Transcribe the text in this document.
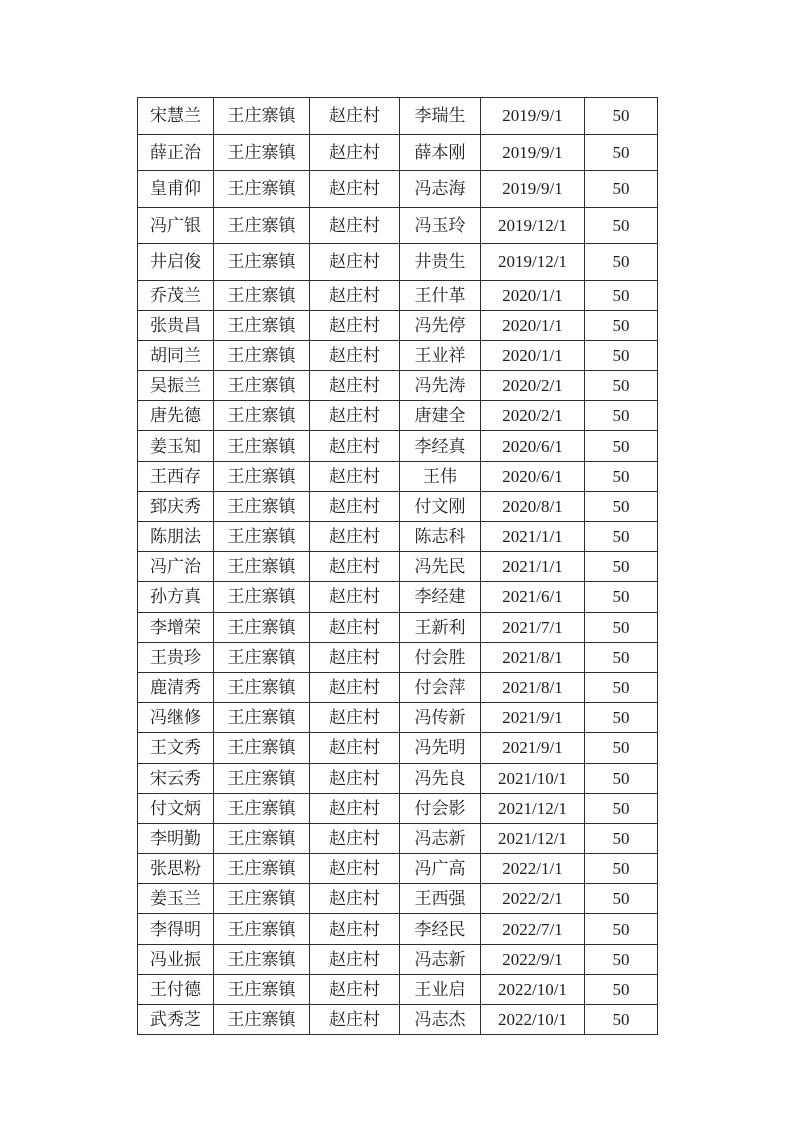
宋慧兰	王庄寨镇	赵庄村	李瑞生	2019/9/1	50
薛正治	王庄寨镇	赵庄村	薛本刚	2019/9/1	50
皇甫仰	王庄寨镇	赵庄村	冯志海	2019/9/1	50
冯广银	王庄寨镇	赵庄村	冯玉玲	2019/12/1	50
井启俊	王庄寨镇	赵庄村	井贵生	2019/12/1	50
乔茂兰	王庄寨镇	赵庄村	王什革	2020/1/1	50
张贵昌	王庄寨镇	赵庄村	冯先停	2020/1/1	50
胡同兰	王庄寨镇	赵庄村	王业祥	2020/1/1	50
吴振兰	王庄寨镇	赵庄村	冯先涛	2020/2/1	50
唐先德	王庄寨镇	赵庄村	唐建全	2020/2/1	50
姜玉知	王庄寨镇	赵庄村	李经真	2020/6/1	50
王西存	王庄寨镇	赵庄村	王伟	2020/6/1	50
郅庆秀	王庄寨镇	赵庄村	付文刚	2020/8/1	50
陈朋法	王庄寨镇	赵庄村	陈志科	2021/1/1	50
冯广治	王庄寨镇	赵庄村	冯先民	2021/1/1	50
孙方真	王庄寨镇	赵庄村	李经建	2021/6/1	50
李增荣	王庄寨镇	赵庄村	王新利	2021/7/1	50
王贵珍	王庄寨镇	赵庄村	付会胜	2021/8/1	50
鹿清秀	王庄寨镇	赵庄村	付会萍	2021/8/1	50
冯继修	王庄寨镇	赵庄村	冯传新	2021/9/1	50
王文秀	王庄寨镇	赵庄村	冯先明	2021/9/1	50
宋云秀	王庄寨镇	赵庄村	冯先良	2021/10/1	50
付文炳	王庄寨镇	赵庄村	付会影	2021/12/1	50
李明勤	王庄寨镇	赵庄村	冯志新	2021/12/1	50
张思粉	王庄寨镇	赵庄村	冯广高	2022/1/1	50
姜玉兰	王庄寨镇	赵庄村	王西强	2022/2/1	50
李得明	王庄寨镇	赵庄村	李经民	2022/7/1	50
冯业振	王庄寨镇	赵庄村	冯志新	2022/9/1	50
王付德	王庄寨镇	赵庄村	王业启	2022/10/1	50
武秀芝	王庄寨镇	赵庄村	冯志杰	2022/10/1	50
